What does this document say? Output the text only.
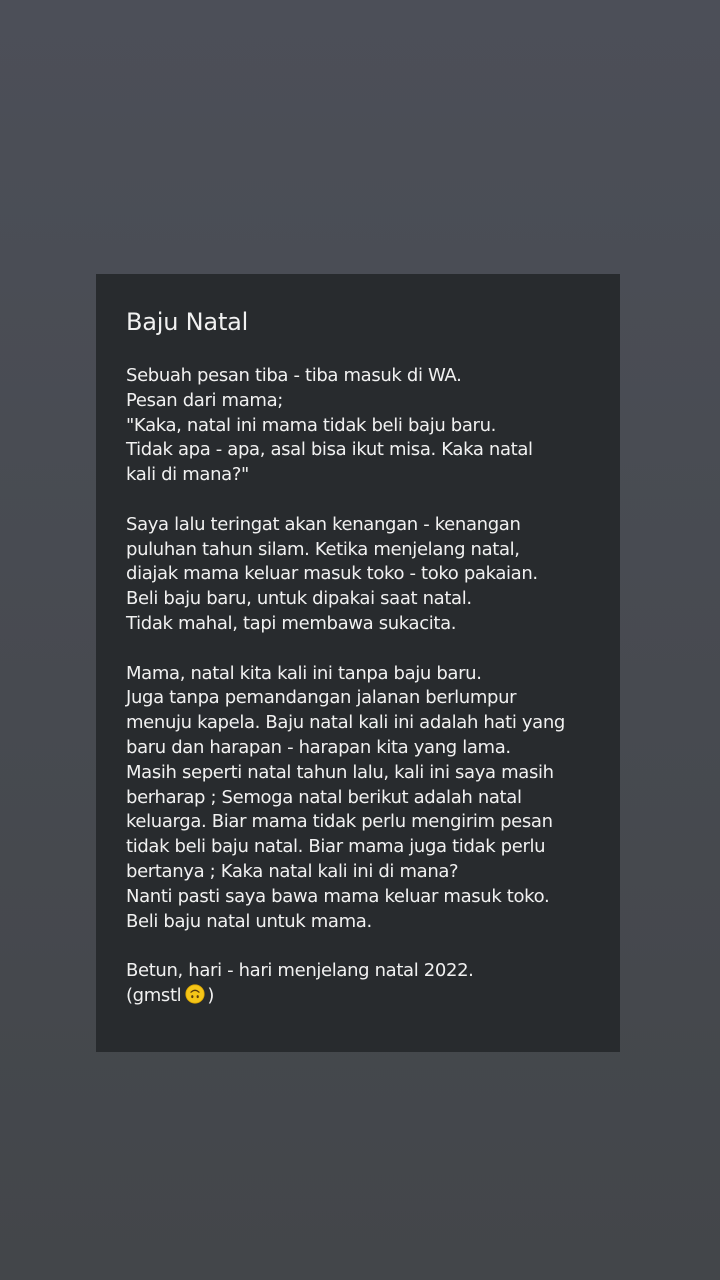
Baju Natal
Sebuah pesan tiba - tiba masuk di WA.
Pesan dari mama;
"Kaka, natal ini mama tidak beli baju baru.
Tidak apa - apa, asal bisa ikut misa. Kaka natal
kali di mana?"
Saya lalu teringat akan kenangan - kenangan
puluhan tahun silam. Ketika menjelang natal,
diajak mama keluar masuk toko - toko pakaian.
Beli baju baru, untuk dipakai saat natal.
Tidak mahal, tapi membawa sukacita.
Mama, natal kita kali ini tanpa baju baru.
Juga tanpa pemandangan jalanan berlumpur
menuju kapela. Baju natal kali ini adalah hati yang
baru dan harapan - harapan kita yang lama.
Masih seperti natal tahun lalu, kali ini saya masih
berharap ; Semoga natal berikut adalah natal
keluarga. Biar mama tidak perlu mengirim pesan
tidak beli baju natal. Biar mama juga tidak perlu
bertanya ; Kaka natal kali ini di mana?
Nanti pasti saya bawa mama keluar masuk toko.
Beli baju natal untuk mama.
Betun, hari - hari menjelang natal 2022.
(gmstl )
